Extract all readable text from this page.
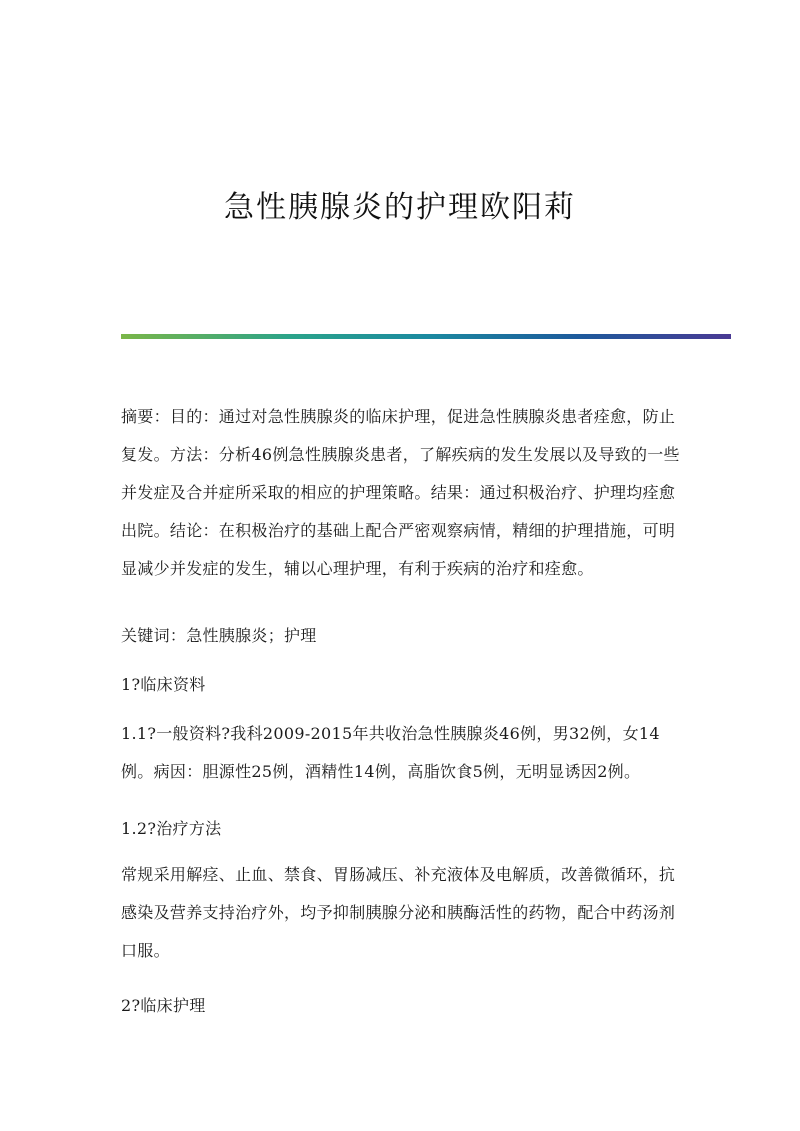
急性胰腺炎的护理欧阳莉
摘要：目的：通过对急性胰腺炎的临床护理，促进急性胰腺炎患者痊愈，防止
复发。方法：分析46例急性胰腺炎患者，了解疾病的发生发展以及导致的一些
并发症及合并症所采取的相应的护理策略。结果：通过积极治疗、护理均痊愈
出院。结论：在积极治疗的基础上配合严密观察病情，精细的护理措施，可明
显减少并发症的发生，辅以心理护理，有利于疾病的治疗和痊愈。
关键词：急性胰腺炎；护理
1?临床资料
1.1?一般资料?我科2009-2015年共收治急性胰腺炎46例，男32例，女14
例。病因：胆源性25例，酒精性14例，高脂饮食5例，无明显诱因2例。
1.2?治疗方法
常规采用解痉、止血、禁食、胃肠减压、补充液体及电解质，改善微循环，抗
感染及营养支持治疗外，均予抑制胰腺分泌和胰酶活性的药物，配合中药汤剂
口服。
2?临床护理
